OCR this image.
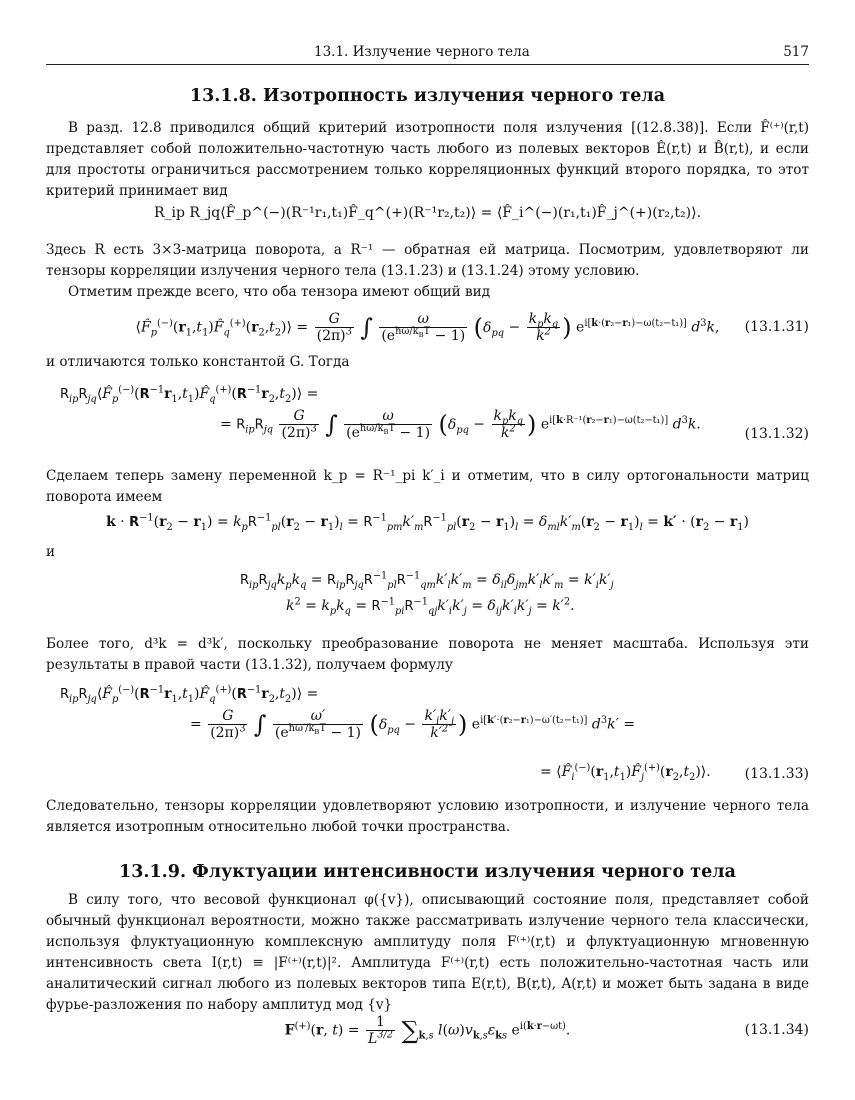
13.1. Излучение черного тела	517
13.1.8. Изотропность излучения черного тела

В разд. 12.8 приводился общий критерий изотропности поля излучения [(12.8.38)]. Если F̂⁽⁺⁾(r,t) представляет собой положительно-частотную часть любого из полевых векторов Ê(r,t) и B̂(r,t), и если для простоты ограничиться рассмотрением только корреляционных функций второго порядка, то этот критерий принимает вид

R_ip R_jq⟨F̂_p^(−)(R⁻¹r₁,t₁)F̂_q^(+)(R⁻¹r₂,t₂)⟩ = ⟨F̂_i^(−)(r₁,t₁)F̂_j^(+)(r₂,t₂)⟩.

Здесь R есть 3×3-матрица поворота, а R⁻¹ — обратная ей матрица. Посмотрим, удовлетворяют ли тензоры корреляции излучения черного тела (13.1.23) и (13.1.24) этому условию.

Отметим прежде всего, что оба тензора имеют общий вид

$⟨F̂_p^{(-)}(r_1,t_1)F̂_q^{(+)}(r_2,t_2)⟩ = \frac{G}{(2\pi)^3}$ ∫ $\frac{\omega}{(e^{ħ\omega/k_BT} - 1)} (\delta_{pq} - \frac{k_pk_q}{k^2}$ ) $e^{i[k\cdot(r_2-r_1)-\omega(t_2-t_1)]}$ $d^3k$,	(13.1.31)

и отличаются только константой G. Тогда

$R_{ip}R_{jq}⟨F̂_p^{(-)}(R^{-1}r_1,t_1)F̂_q^{(+)}(R^{-1}r_2,t_2)⟩$ =
= $R_{ip}R_{jq} \frac{G}{(2\pi)^3}$ ∫ $\frac{\omega}{(e^{ħ\omega/k_BT} - 1)} (\delta_{pq} - \frac{k_pk_q}{k^2}$ ) $e^{i[k\cdot R^{-1}(r_2-r_1)-\omega(t_2-t_1)]}$ $d^3k$.
(13.1.32)

Сделаем теперь замену переменной k_p = R⁻¹_pi k′_i и отметим, что в силу ортогональности матриц поворота имеем

$k \cdot R^{-1}(r_2 - r_1) = k_pR^{-1}_{pl}(r_2 - r_1)_l = R^{-1}_{pm}k'_mR^{-1}_{pl}(r_2 - r_1)_l = \delta_{ml}k'_m(r_2 - r_1)_l = k' \cdot (r_2 - r_1)$

и

$R_{ip}R_{jq}k_pk_q = R_{ip}R_{jq}R^{-1}_{pl}R^{-1}_{qm}k'_lk'_m = \delta_{il}\delta_{jm}k'_lk'_m = k'_ik'_j$
$k^2 = k_pk_q = R^{-1}_{pi}R^{-1}_{qj}k'_ik'_j = \delta_{ij}k'_ik'_j = k'^2$.

Более того, d³k = d³k′, поскольку преобразование поворота не меняет масштаба. Используя эти результаты в правой части (13.1.32), получаем формулу

$R_{ip}R_{jq}⟨F̂_p^{(-)}(R^{-1}r_1,t_1)F̂_q^{(+)}(R^{-1}r_2,t_2)⟩$ =
= $\frac{G}{(2\pi)^3}$ ∫ $\frac{\omega'}{(e^{ħ\omega'/k_BT} - 1)} (\delta_{pq} - \frac{k'_ik'_j}{k'^2}$ ) $e^{i[k'\cdot(r_2-r_1)-\omega'(t_2-t_1)]}$ $d^3k'$ =
= $⟨F̂_i^{(-)}(r_1,t_1)F̂_j^{(+)}(r_2,t_2)⟩$. (13.1.33)

Следовательно, тензоры корреляции удовлетворяют условию изотропности, и излучение черного тела является изотропным относительно любой точки пространства.

13.1.9. Флуктуации интенсивности излучения черного тела

В силу того, что весовой функционал φ({v}), описывающий состояние поля, представляет собой обычный функционал вероятности, можно также рассматривать излучение черного тела классически, используя флуктуационную комплексную амплитуду поля F⁽⁺⁾(r,t) и флуктуационную мгновенную интенсивность света I(r,t) ≡ |F⁽⁺⁾(r,t)|². Амплитуда F⁽⁺⁾(r,t) есть положительно-частотная часть или аналитический сигнал любого из полевых векторов типа E(r,t), B(r,t), A(r,t) и может быть задана в виде фурье-разложения по набору амплитуд мод {v}

F(+)(r, $t) = \frac{1}{L^{3/2}} \sum_{k,s}$ $l(\omega)v_{k,s}\varepsilon_{ks}$ $e^{i(k\cdot r-\omega t)}$.	(13.1.34)
